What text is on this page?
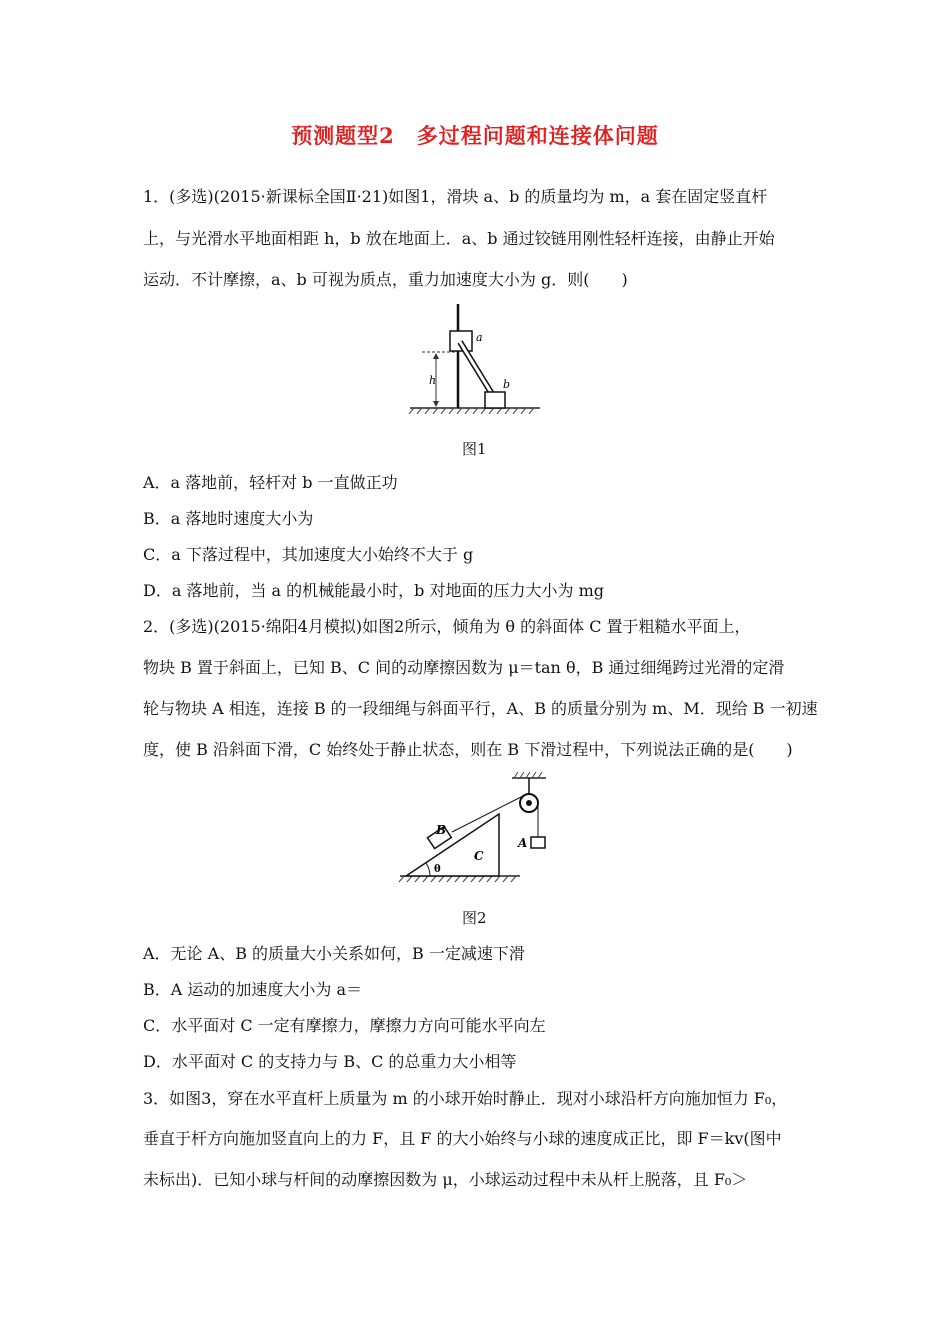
预测题型2　多过程问题和连接体问题
1．(多选)(2015·新课标全国Ⅱ·21)如图1，滑块 a、b 的质量均为 m，a 套在固定竖直杆
上，与光滑水平地面相距 h，b 放在地面上．a、b 通过铰链用刚性轻杆连接，由静止开始
运动．不计摩擦，a、b 可视为质点，重力加速度大小为 g．则(　　)
a
b
h
图1
A．a 落地前，轻杆对 b 一直做正功
B．a 落地时速度大小为
C．a 下落过程中，其加速度大小始终不大于 g
D．a 落地前，当 a 的机械能最小时，b 对地面的压力大小为 mg
2．(多选)(2015·绵阳4月模拟)如图2所示，倾角为 θ 的斜面体 C 置于粗糙水平面上，
物块 B 置于斜面上，已知 B、C 间的动摩擦因数为 μ＝tan θ，B 通过细绳跨过光滑的定滑
轮与物块 A 相连，连接 B 的一段细绳与斜面平行，A、B 的质量分别为 m、M．现给 B 一初速
度，使 B 沿斜面下滑，C 始终处于静止状态，则在 B 下滑过程中，下列说法正确的是(　　)
C
θ
B
A
图2
A．无论 A、B 的质量大小关系如何，B 一定减速下滑
B．A 运动的加速度大小为 a＝
C．水平面对 C 一定有摩擦力，摩擦力方向可能水平向左
D．水平面对 C 的支持力与 B、C 的总重力大小相等
3．如图3，穿在水平直杆上质量为 m 的小球开始时静止．现对小球沿杆方向施加恒力 F₀，
垂直于杆方向施加竖直向上的力 F，且 F 的大小始终与小球的速度成正比，即 F＝kv(图中
未标出)．已知小球与杆间的动摩擦因数为 μ，小球运动过程中未从杆上脱落，且 F₀＞
